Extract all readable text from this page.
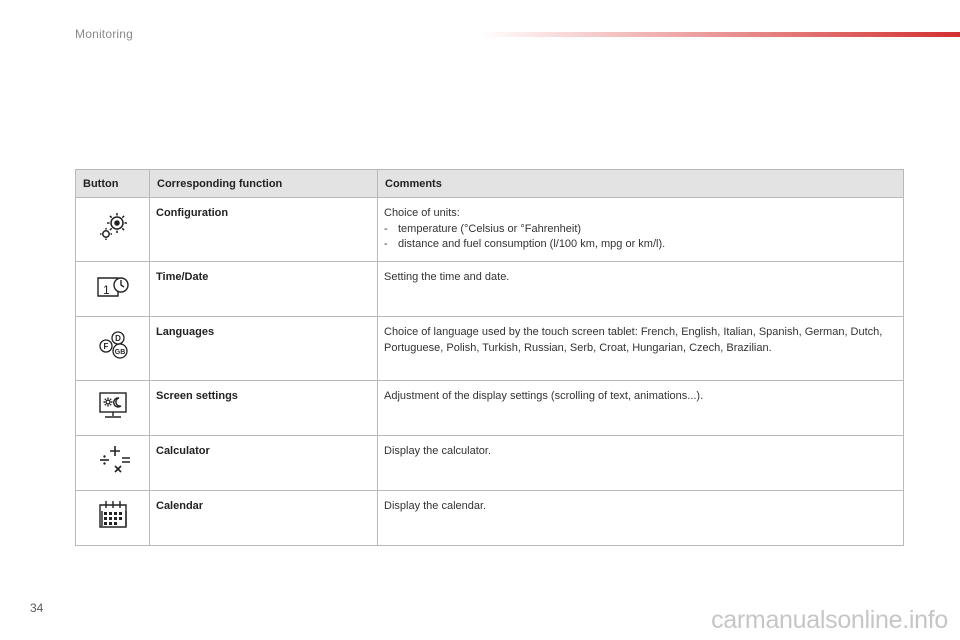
Monitoring
Button	Corresponding function	Comments

	Configuration	Choice of units:
- temperature (°Celsius or °Fahrenheit)
- distance and fuel consumption (l/100 km, mpg or km/l).

1	Time/Date	Setting the time and date.

D
F
GB	Languages	Choice of language used by the touch screen tablet: French, English, Italian, Spanish, German, Dutch, Portuguese, Polish, Turkish, Russian, Serb, Croat, Hungarian, Czech, Brazilian.

	Screen settings	Adjustment of the display settings (scrolling of text, animations...).

	Calculator	Display the calculator.

	Calendar	Display the calendar.
34	carmanualsonline.info
